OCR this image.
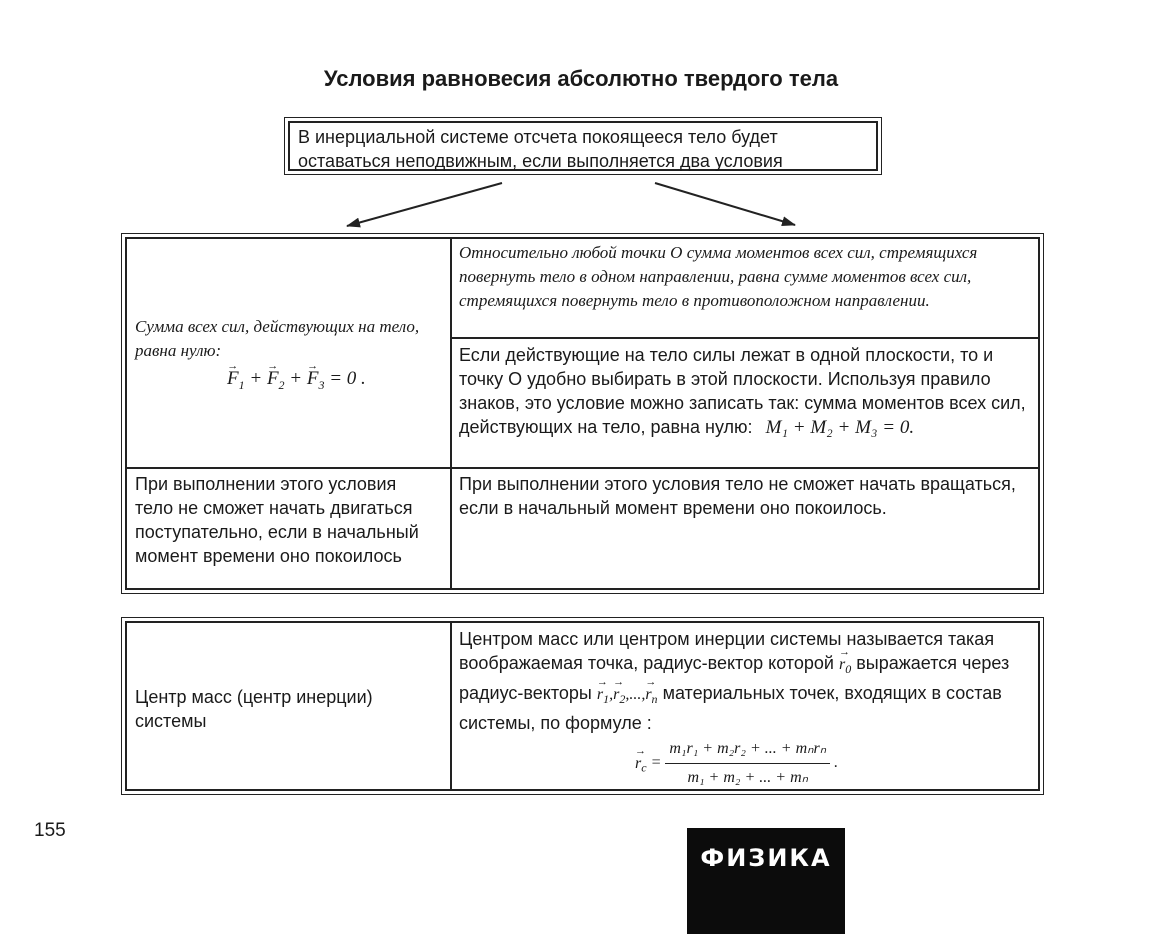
Условия равновесия абсолютно твердого тела
В инерциальной системе отсчета покоящееся тело будет оставаться неподвижным, если выполняется два условия
Сумма всех сил, действующих на тело, равна нулю:
→ $F_1$ + → $F_2$ + → $F_3 = 0$ .
Относительно любой точки О сумма моментов всех сил, стремящихся повернуть тело в одном направлении, равна сумме моментов всех сил, стремящихся повернуть тело в противоположном направлении.
Если действующие на тело силы лежат в одной плоскости, то и точку О удобно выбирать в этой плоскости. Используя правило знаков, это условие можно записать так: сумма моментов всех сил, действующих на тело, равна нулю: M₁ + M₂ + M₃ = 0.
При выполнении этого условия тело не сможет начать двигаться поступательно, если в начальный момент времени оно покоилось
При выполнении этого условия тело не сможет начать вращаться, если в начальный момент времени оно покоилось.
Центр масс (центр инерции) системы
Центром масс или центром инерции системы называется такая воображаемая точка, радиус-вектор которой → $r_0$ выражается через радиус-векторы → $r_1,\to r_2,...,\to r_n$ материальных точек, входящих в состав системы, по формуле :
→ $r_c = \frac{\text{m₁r₁ + m₂r₂ + ... + mₙrₙ}}{\text{m₁ + m₂ + ... + mₙ}}$ .
155
ФИЗИКА
